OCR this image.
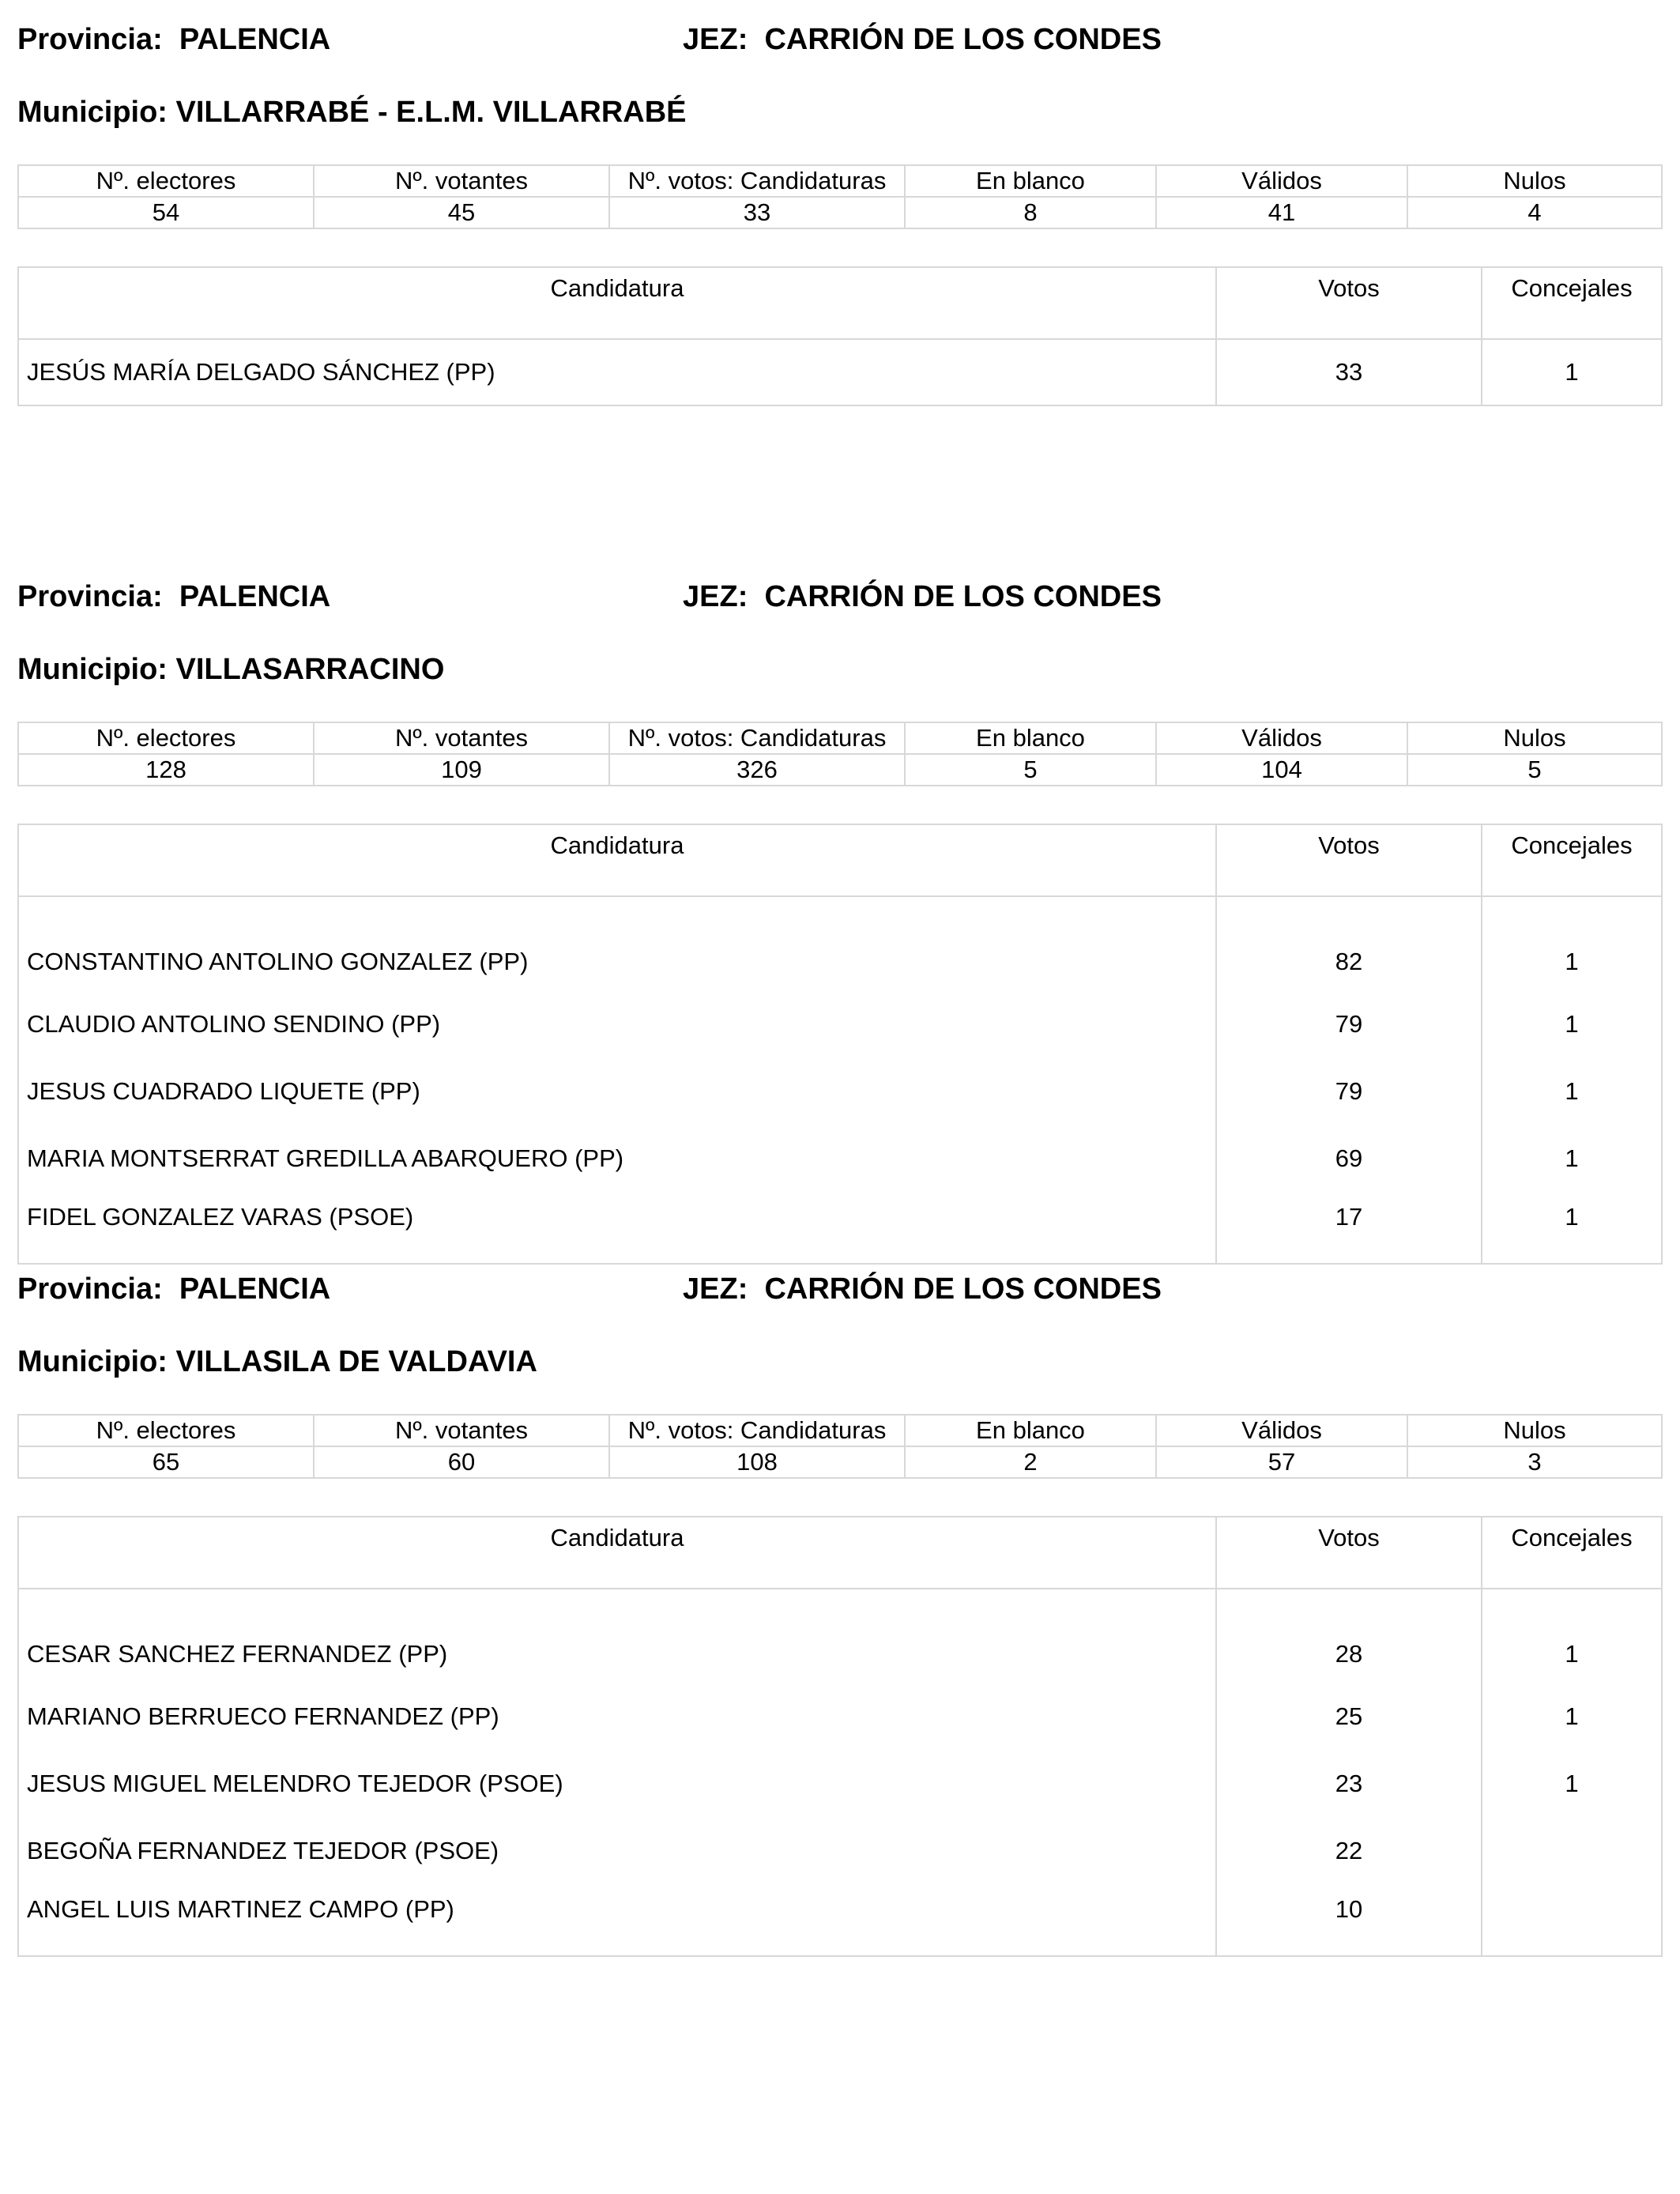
Provincia:  PALENCIA	JEZ:  CARRIÓN DE LOS CONDES
Municipio: VILLARRABÉ - E.L.M. VILLARRABÉ
Nº. electores	Nº. votantes	Nº. votos: Candidaturas	En blanco	Válidos	Nulos
54	45	33	8	41	4
Candidatura	Votos	Concejales
JESÚS MARÍA DELGADO SÁNCHEZ (PP)	33	1
Provincia:  PALENCIA	JEZ:  CARRIÓN DE LOS CONDES
Municipio: VILLASARRACINO
Nº. electores	Nº. votantes	Nº. votos: Candidaturas	En blanco	Válidos	Nulos
128	109	326	5	104	5
Candidatura	Votos	Concejales
CONSTANTINO ANTOLINO GONZALEZ (PP)	82	1
CLAUDIO ANTOLINO SENDINO (PP)	79	1
JESUS CUADRADO LIQUETE (PP)	79	1
MARIA MONTSERRAT GREDILLA ABARQUERO (PP)	69	1
FIDEL GONZALEZ VARAS (PSOE)	17	1
Provincia:  PALENCIA	JEZ:  CARRIÓN DE LOS CONDES
Municipio: VILLASILA DE VALDAVIA
Nº. electores	Nº. votantes	Nº. votos: Candidaturas	En blanco	Válidos	Nulos
65	60	108	2	57	3
Candidatura	Votos	Concejales
CESAR SANCHEZ FERNANDEZ (PP)	28	1
MARIANO BERRUECO FERNANDEZ (PP)	25	1
JESUS MIGUEL MELENDRO TEJEDOR (PSOE)	23	1
BEGOÑA FERNANDEZ TEJEDOR (PSOE)	22	
ANGEL LUIS MARTINEZ CAMPO (PP)	10	
